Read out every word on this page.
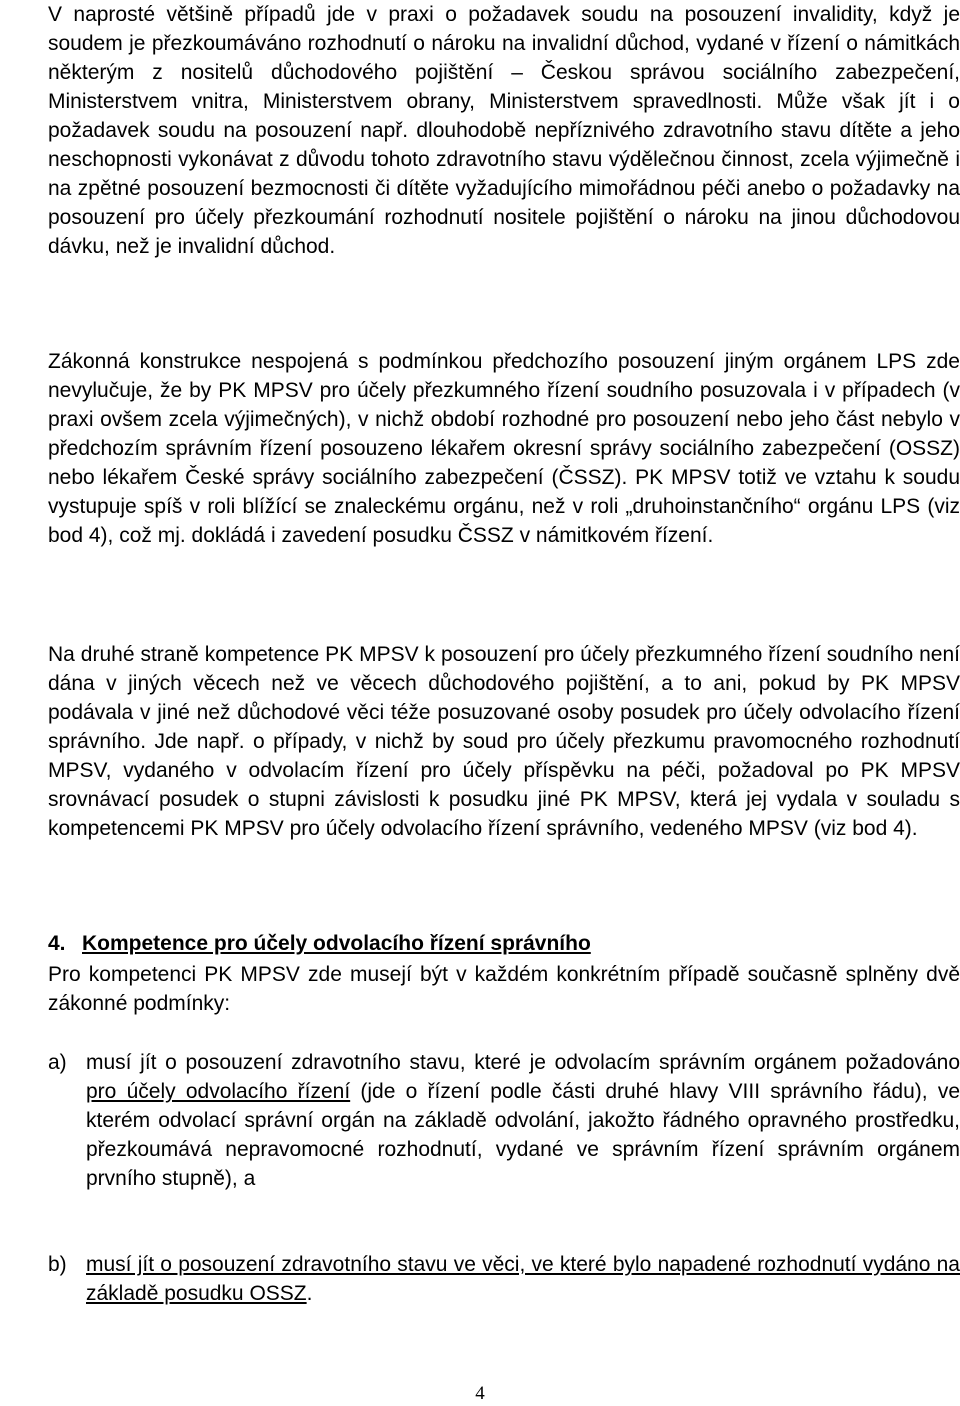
V naprosté většině případů jde v praxi o požadavek soudu na posouzení invalidity, když je soudem je přezkoumáváno rozhodnutí o nároku na invalidní důchod, vydané v řízení o námitkách některým z nositelů důchodového pojištění – Českou správou sociálního zabezpečení, Ministerstvem vnitra, Ministerstvem obrany, Ministerstvem spravedlnosti. Může však jít i o požadavek soudu na posouzení např. dlouhodobě nepříznivého zdravotního stavu dítěte a jeho neschopnosti vykonávat z důvodu tohoto zdravotního stavu výdělečnou činnost, zcela výjimečně i na zpětné posouzení bezmocnosti či dítěte vyžadujícího mimořádnou péči anebo o požadavky na posouzení pro účely přezkoumání rozhodnutí nositele pojištění o nároku na jinou důchodovou dávku, než je invalidní důchod.

Zákonná konstrukce nespojená s podmínkou předchozího posouzení jiným orgánem LPS zde nevylučuje, že by PK MPSV pro účely přezkumného řízení soudního posuzovala i v případech (v praxi ovšem zcela výjimečných), v nichž období rozhodné pro posouzení nebo jeho část nebylo v předchozím správním řízení posouzeno lékařem okresní správy sociálního zabezpečení (OSSZ) nebo lékařem České správy sociálního zabezpečení (ČSSZ). PK MPSV totiž ve vztahu k soudu vystupuje spíš v roli blížící se znaleckému orgánu, než v roli „druhoinstančního“ orgánu LPS (viz bod 4), což mj. dokládá i zavedení posudku ČSSZ v námitkovém řízení.

Na druhé straně kompetence PK MPSV k posouzení pro účely přezkumného řízení soudního není dána v jiných věcech než ve věcech důchodového pojištění, a to ani, pokud by PK MPSV podávala v jiné než důchodové věci téže posuzované osoby posudek pro účely odvolacího řízení správního. Jde např. o případy, v nichž by soud pro účely přezkumu pravomocného rozhodnutí MPSV, vydaného v odvolacím řízení pro účely příspěvku na péči, požadoval po PK MPSV srovnávací posudek o stupni závislosti k posudku jiné PK MPSV, která jej vydala v souladu s kompetencemi PK MPSV pro účely odvolacího řízení správního, vedeného MPSV (viz bod 4).

4. Kompetence pro účely odvolacího řízení správního

Pro kompetenci PK MPSV zde musejí být v každém konkrétním případě současně splněny dvě zákonné podmínky:

a) musí jít o posouzení zdravotního stavu, které je odvolacím správním orgánem požadováno pro účely odvolacího řízení (jde o řízení podle části druhé hlavy VIII správního řádu), ve kterém odvolací správní orgán na základě odvolání, jakožto řádného opravného prostředku, přezkoumává nepravomocné rozhodnutí, vydané ve správním řízení správním orgánem prvního stupně), a
b) musí jít o posouzení zdravotního stavu ve věci, ve které bylo napadené rozhodnutí vydáno na základě posudku OSSZ.
4
